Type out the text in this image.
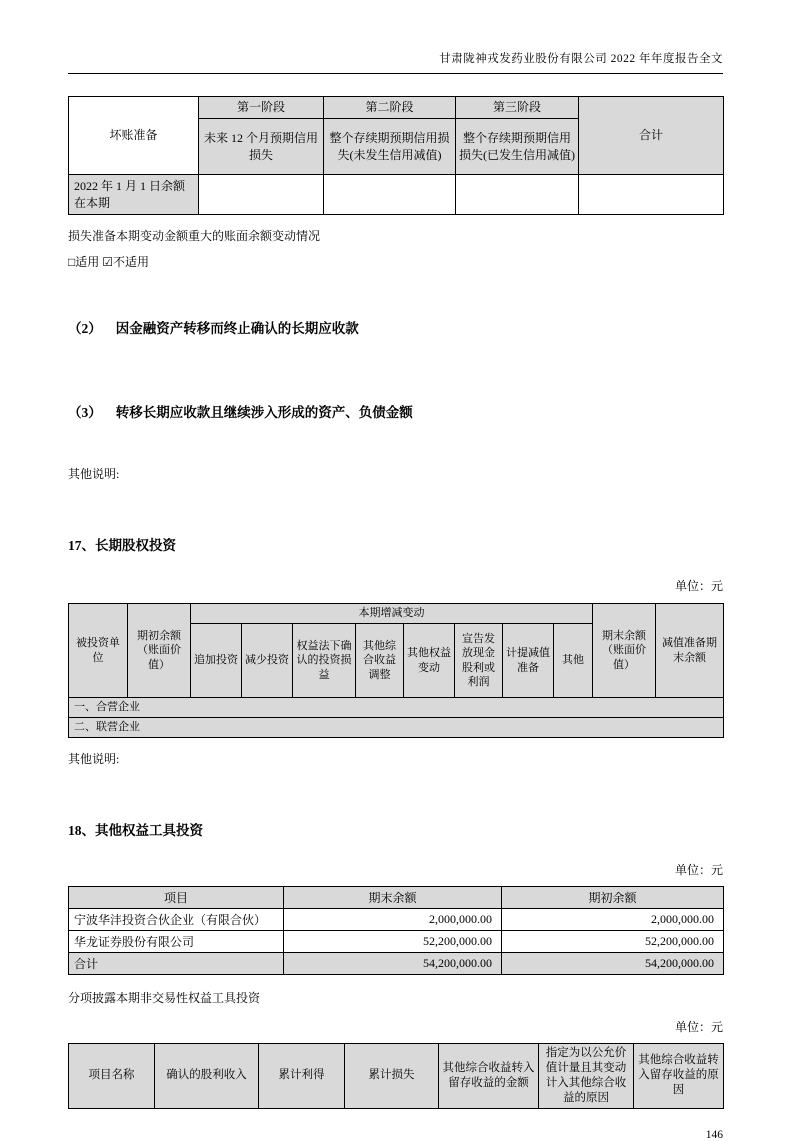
甘肃陇神戎发药业股份有限公司 2022 年年度报告全文
坏账准备	第一阶段	第二阶段	第三阶段	合计
	未来 12 个月预期信用损失	整个存续期预期信用损失(未发生信用减值)	整个存续期预期信用损失(已发生信用减值)	
2022 年 1 月 1 日余额在本期				
损失准备本期变动金额重大的账面余额变动情况
□适用 ☑不适用
（2） 因金融资产转移而终止确认的长期应收款
（3） 转移长期应收款且继续涉入形成的资产、负债金额
其他说明:
17、长期股权投资
单位：元
被投资单位	期初余额（账面价值）	本期增减变动								期末余额（账面价值）	减值准备期末余额
		追加投资	减少投资	权益法下确认的投资损益	其他综合收益调整	其他权益变动	宣告发放现金股利或利润	计提减值准备	其他		
一、合营企业											
二、联营企业											
其他说明:
18、其他权益工具投资
单位：元
项目	期末余额	期初余额
宁波华沣投资合伙企业（有限合伙）	2,000,000.00	2,000,000.00
华龙证券股份有限公司	52,200,000.00	52,200,000.00
合计	54,200,000.00	54,200,000.00
分项披露本期非交易性权益工具投资
单位：元
项目名称	确认的股利收入	累计利得	累计损失	其他综合收益转入留存收益的金额	指定为以公允价值计量且其变动计入其他综合收益的原因	其他综合收益转入留存收益的原因
146
